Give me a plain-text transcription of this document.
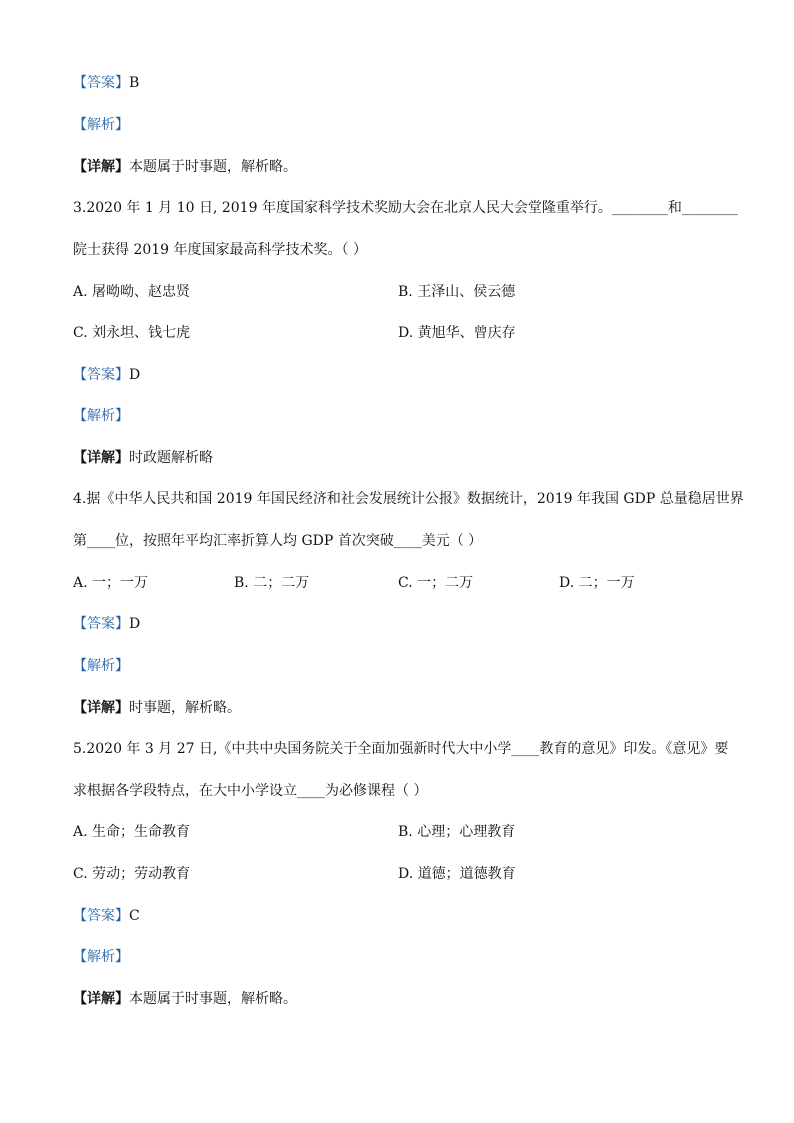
【答案】B
【解析】
【详解】本题属于时事题，解析略。
3.2020 年 1 月 10 日, 2019 年度国家科学技术奖励大会在北京人民大会堂隆重举行。________和________
院士获得 2019 年度国家最高科学技术奖。（ ）
A. 屠呦呦、赵忠贤	B. 王泽山、侯云德
C. 刘永坦、钱七虎	D. 黄旭华、曾庆存
【答案】D
【解析】
【详解】时政题解析略
4.据《中华人民共和国 2019 年国民经济和社会发展统计公报》数据统计，2019 年我国 GDP 总量稳居世界
第____位，按照年平均汇率折算人均 GDP 首次突破____美元（ ）
A. 一；一万	B. 二；二万	C. 一；二万	D. 二；一万
【答案】D
【解析】
【详解】时事题，解析略。
5.2020 年 3 月 27 日,《中共中央国务院关于全面加强新时代大中小学____教育的意见》印发。《意见》要
求根据各学段特点，在大中小学设立____为必修课程（ ）
A. 生命；生命教育	B. 心理；心理教育
C. 劳动；劳动教育	D. 道德；道德教育
【答案】C
【解析】
【详解】本题属于时事题，解析略。
